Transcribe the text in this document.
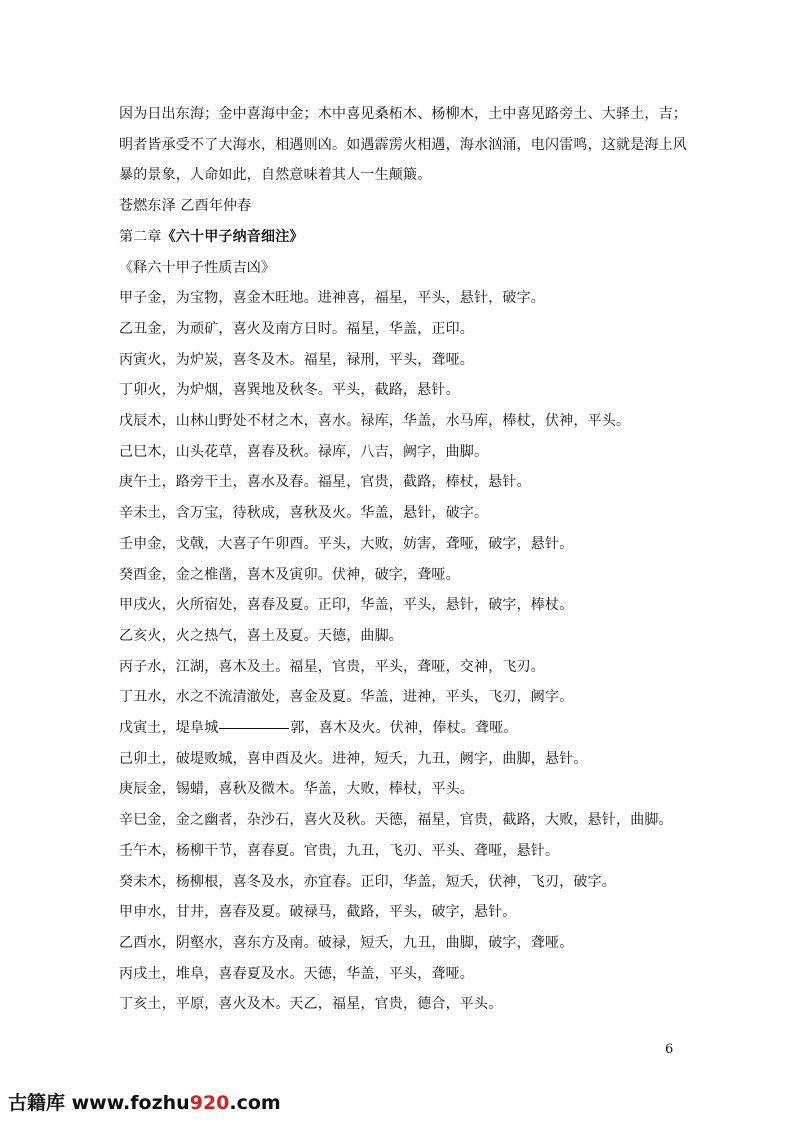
因为日出东海；金中喜海中金；木中喜见桑柘木、杨柳木，土中喜见路旁土、大驿土，吉；

明者皆承受不了大海水，相遇则凶。如遇霹雳火相遇，海水汹涌，电闪雷鸣，这就是海上风

暴的景象，人命如此，自然意味着其人一生颠簸。

苍燃东泽 乙酉年仲春

第二章《六十甲子纳音细注》

《释六十甲子性质吉凶》

甲子金，为宝物，喜金木旺地。进神喜，福星，平头，悬针，破字。

乙丑金，为顽矿，喜火及南方日时。福星，华盖，正印。

丙寅火，为炉炭，喜冬及木。福星，禄刑，平头，聋哑。

丁卯火，为炉烟，喜巽地及秋冬。平头，截路，悬针。

戊辰木，山林山野处不材之木，喜水。禄库，华盖，水马库，棒杖，伏神，平头。

己巳木，山头花草，喜春及秋。禄库，八吉，阙字，曲脚。

庚午土，路旁干土，喜水及春。福星，官贵，截路，棒杖，悬针。

辛未土，含万宝，待秋成，喜秋及火。华盖，悬针，破字。

壬申金，戈戟，大喜子午卯酉。平头，大败，妨害，聋哑，破字，悬针。

癸酉金，金之椎凿，喜木及寅卯。伏神，破字，聋哑。

甲戌火，火所宿处，喜春及夏。正印，华盖，平头，悬针，破字，棒杖。

乙亥火，火之热气，喜土及夏。天德，曲脚。

丙子水，江湖，喜木及土。福星，官贵，平头，聋哑，交神，飞刃。

丁丑水，水之不流清澈处，喜金及夏。华盖，进神，平头，飞刃，阙字。

戊寅土，堤阜城	郭，喜木及火。伏神，俸杖。聋哑。

己卯土，破堤败城，喜申酉及火。进神，短夭，九丑，阙字，曲脚，悬针。

庚辰金，锡蜡，喜秋及微木。华盖，大败，棒杖，平头。

辛巳金，金之幽者，杂沙石，喜火及秋。天德，福星，官贵，截路，大败，悬针，曲脚。

壬午木，杨柳干节，喜春夏。官贵，九丑，飞刃、平头、聋哑，悬针。

癸未木，杨柳根，喜冬及水，亦宜春。正印，华盖，短夭，伏神，飞刃，破字。

甲申水，甘井，喜春及夏。破禄马，截路，平头，破字，悬针。

乙酉水，阴壑水，喜东方及南。破禄，短夭，九丑，曲脚，破字，聋哑。

丙戌土，堆阜，喜春夏及水。天德，华盖，平头，聋哑。

丁亥土，平原，喜火及木。天乙，福星，官贵，德合，平头。

6
古籍库 www.fozhu920.com
